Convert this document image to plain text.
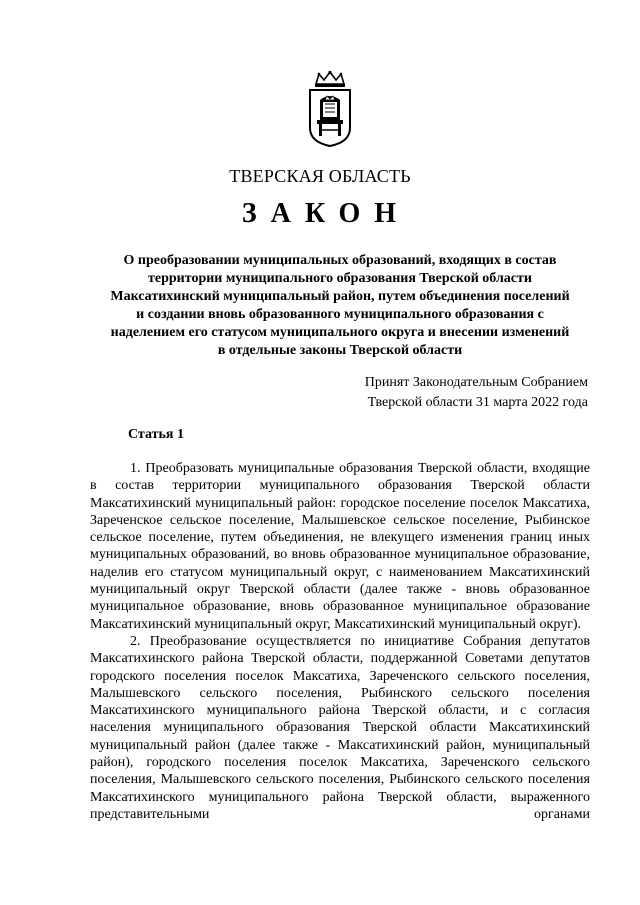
ТВЕРСКАЯ ОБЛАСТЬ
ЗАКОН
О преобразовании муниципальных образований, входящих в состав
территории муниципального образования Тверской области
Максатихинский муниципальный район, путем объединения поселений
и создании вновь образованного муниципального образования с
наделением его статусом муниципального округа и внесении изменений
в отдельные законы Тверской области
Принят Законодательным Собранием
Тверской области 31 марта 2022 года
Статья 1

1. Преобразовать муниципальные образования Тверской области, входящие в состав территории муниципального образования Тверской области Максатихинский муниципальный район: городское поселение поселок Максатиха, Зареченское сельское поселение, Малышевское сельское поселение, Рыбинское сельское поселение, путем объединения, не влекущего изменения границ иных муниципальных образований, во вновь образованное муниципальное образование, наделив его статусом муниципальный округ, с наименованием Максатихинский муниципальный округ Тверской области (далее также - вновь образованное муниципальное образование, вновь образованное муниципальное образование Максатихинский муниципальный округ, Максатихинский муниципальный округ).

2. Преобразование осуществляется по инициативе Собрания депутатов Максатихинского района Тверской области, поддержанной Советами депутатов городского поселения поселок Максатиха, Зареченского сельского поселения, Малышевского сельского поселения, Рыбинского сельского поселения Максатихинского муниципального района Тверской области, и с согласия населения муниципального образования Тверской области Максатихинский муниципальный район (далее также - Максатихинский район, муниципальный район), городского поселения поселок Максатиха, Зареченского сельского поселения, Малышевского сельского поселения, Рыбинского сельского поселения Максатихинского муниципального района Тверской области, выраженного представительными органами
